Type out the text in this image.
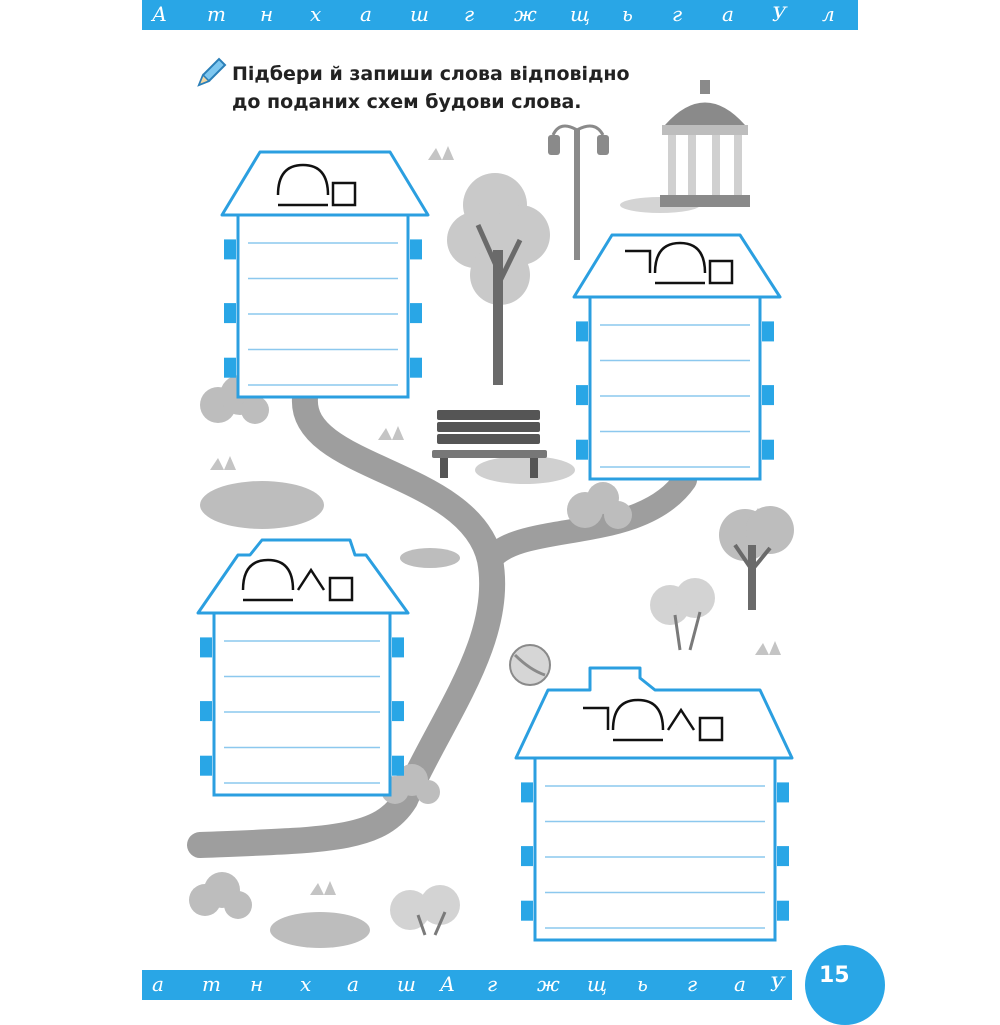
А т н х а ш г ж щ ь г а У л
Підбери й запиши слова відповідно
до поданих схем будови слова.
а т н х а ш А г ж щ ь г а У 15
